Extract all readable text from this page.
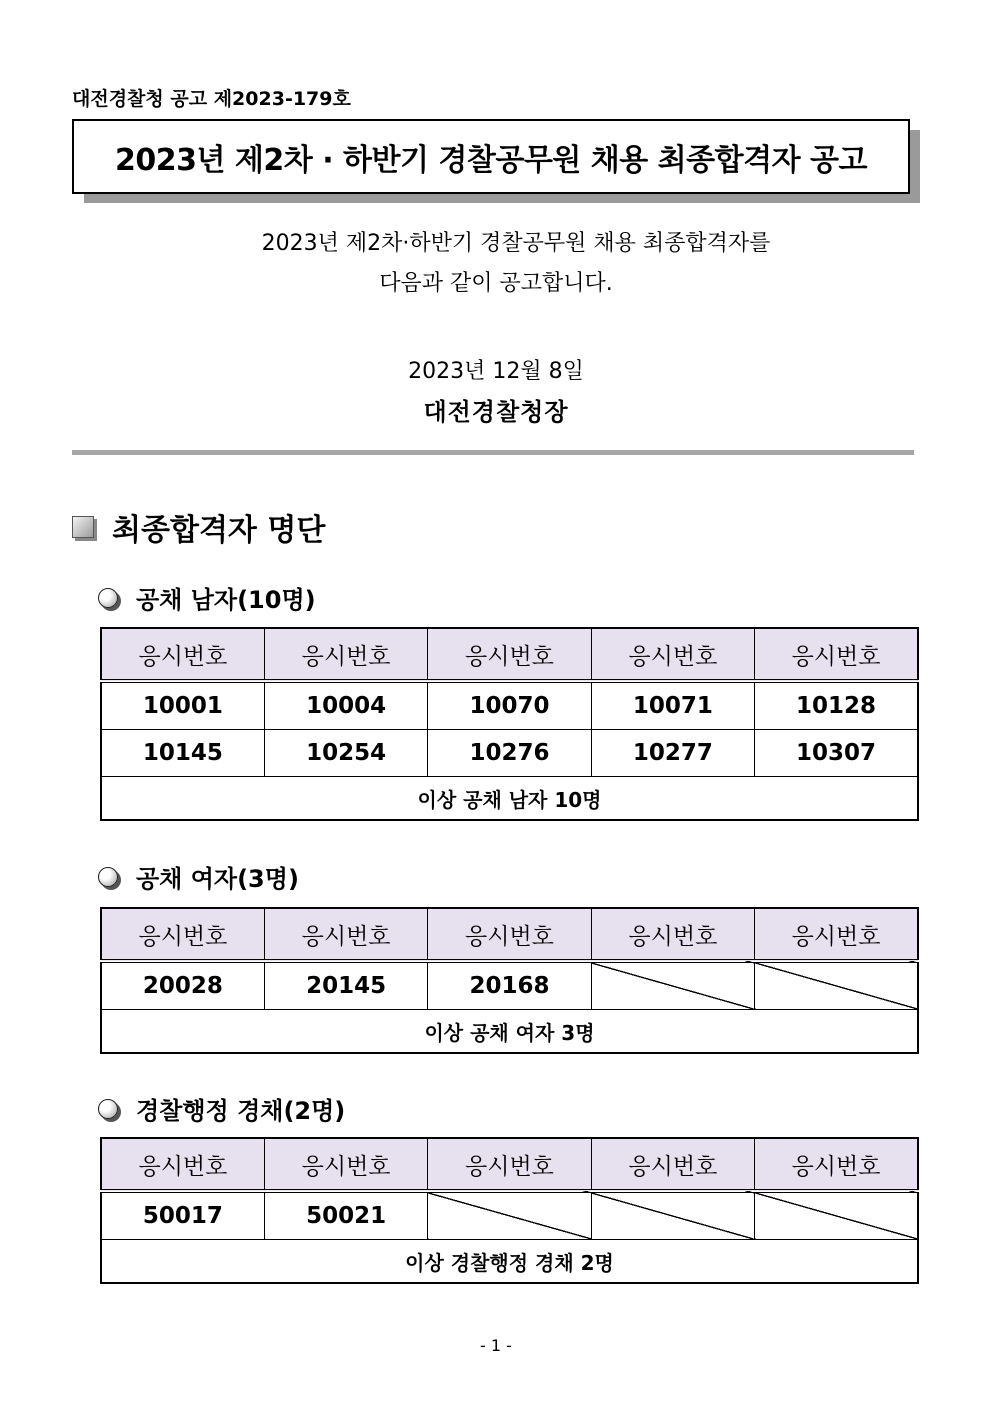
대전경찰청 공고 제2023-179호
2023년 제2차 · 하반기 경찰공무원 채용 최종합격자 공고
2023년 제2차·하반기 경찰공무원 채용 최종합격자를
다음과 같이 공고합니다.
2023년 12월 8일
대전경찰청장
최종합격자 명단
공채 남자(10명)
응시번호	응시번호	응시번호	응시번호	응시번호
10001	10004	10070	10071	10128
10145	10254	10276	10277	10307
이상 공채 남자 10명				
공채 여자(3명)
응시번호	응시번호	응시번호	응시번호	응시번호
20028	20145	20168		
이상 공채 여자 3명				
경찰행정 경채(2명)
응시번호	응시번호	응시번호	응시번호	응시번호
50017	50021			
이상 경찰행정 경채 2명				
- 1 -
